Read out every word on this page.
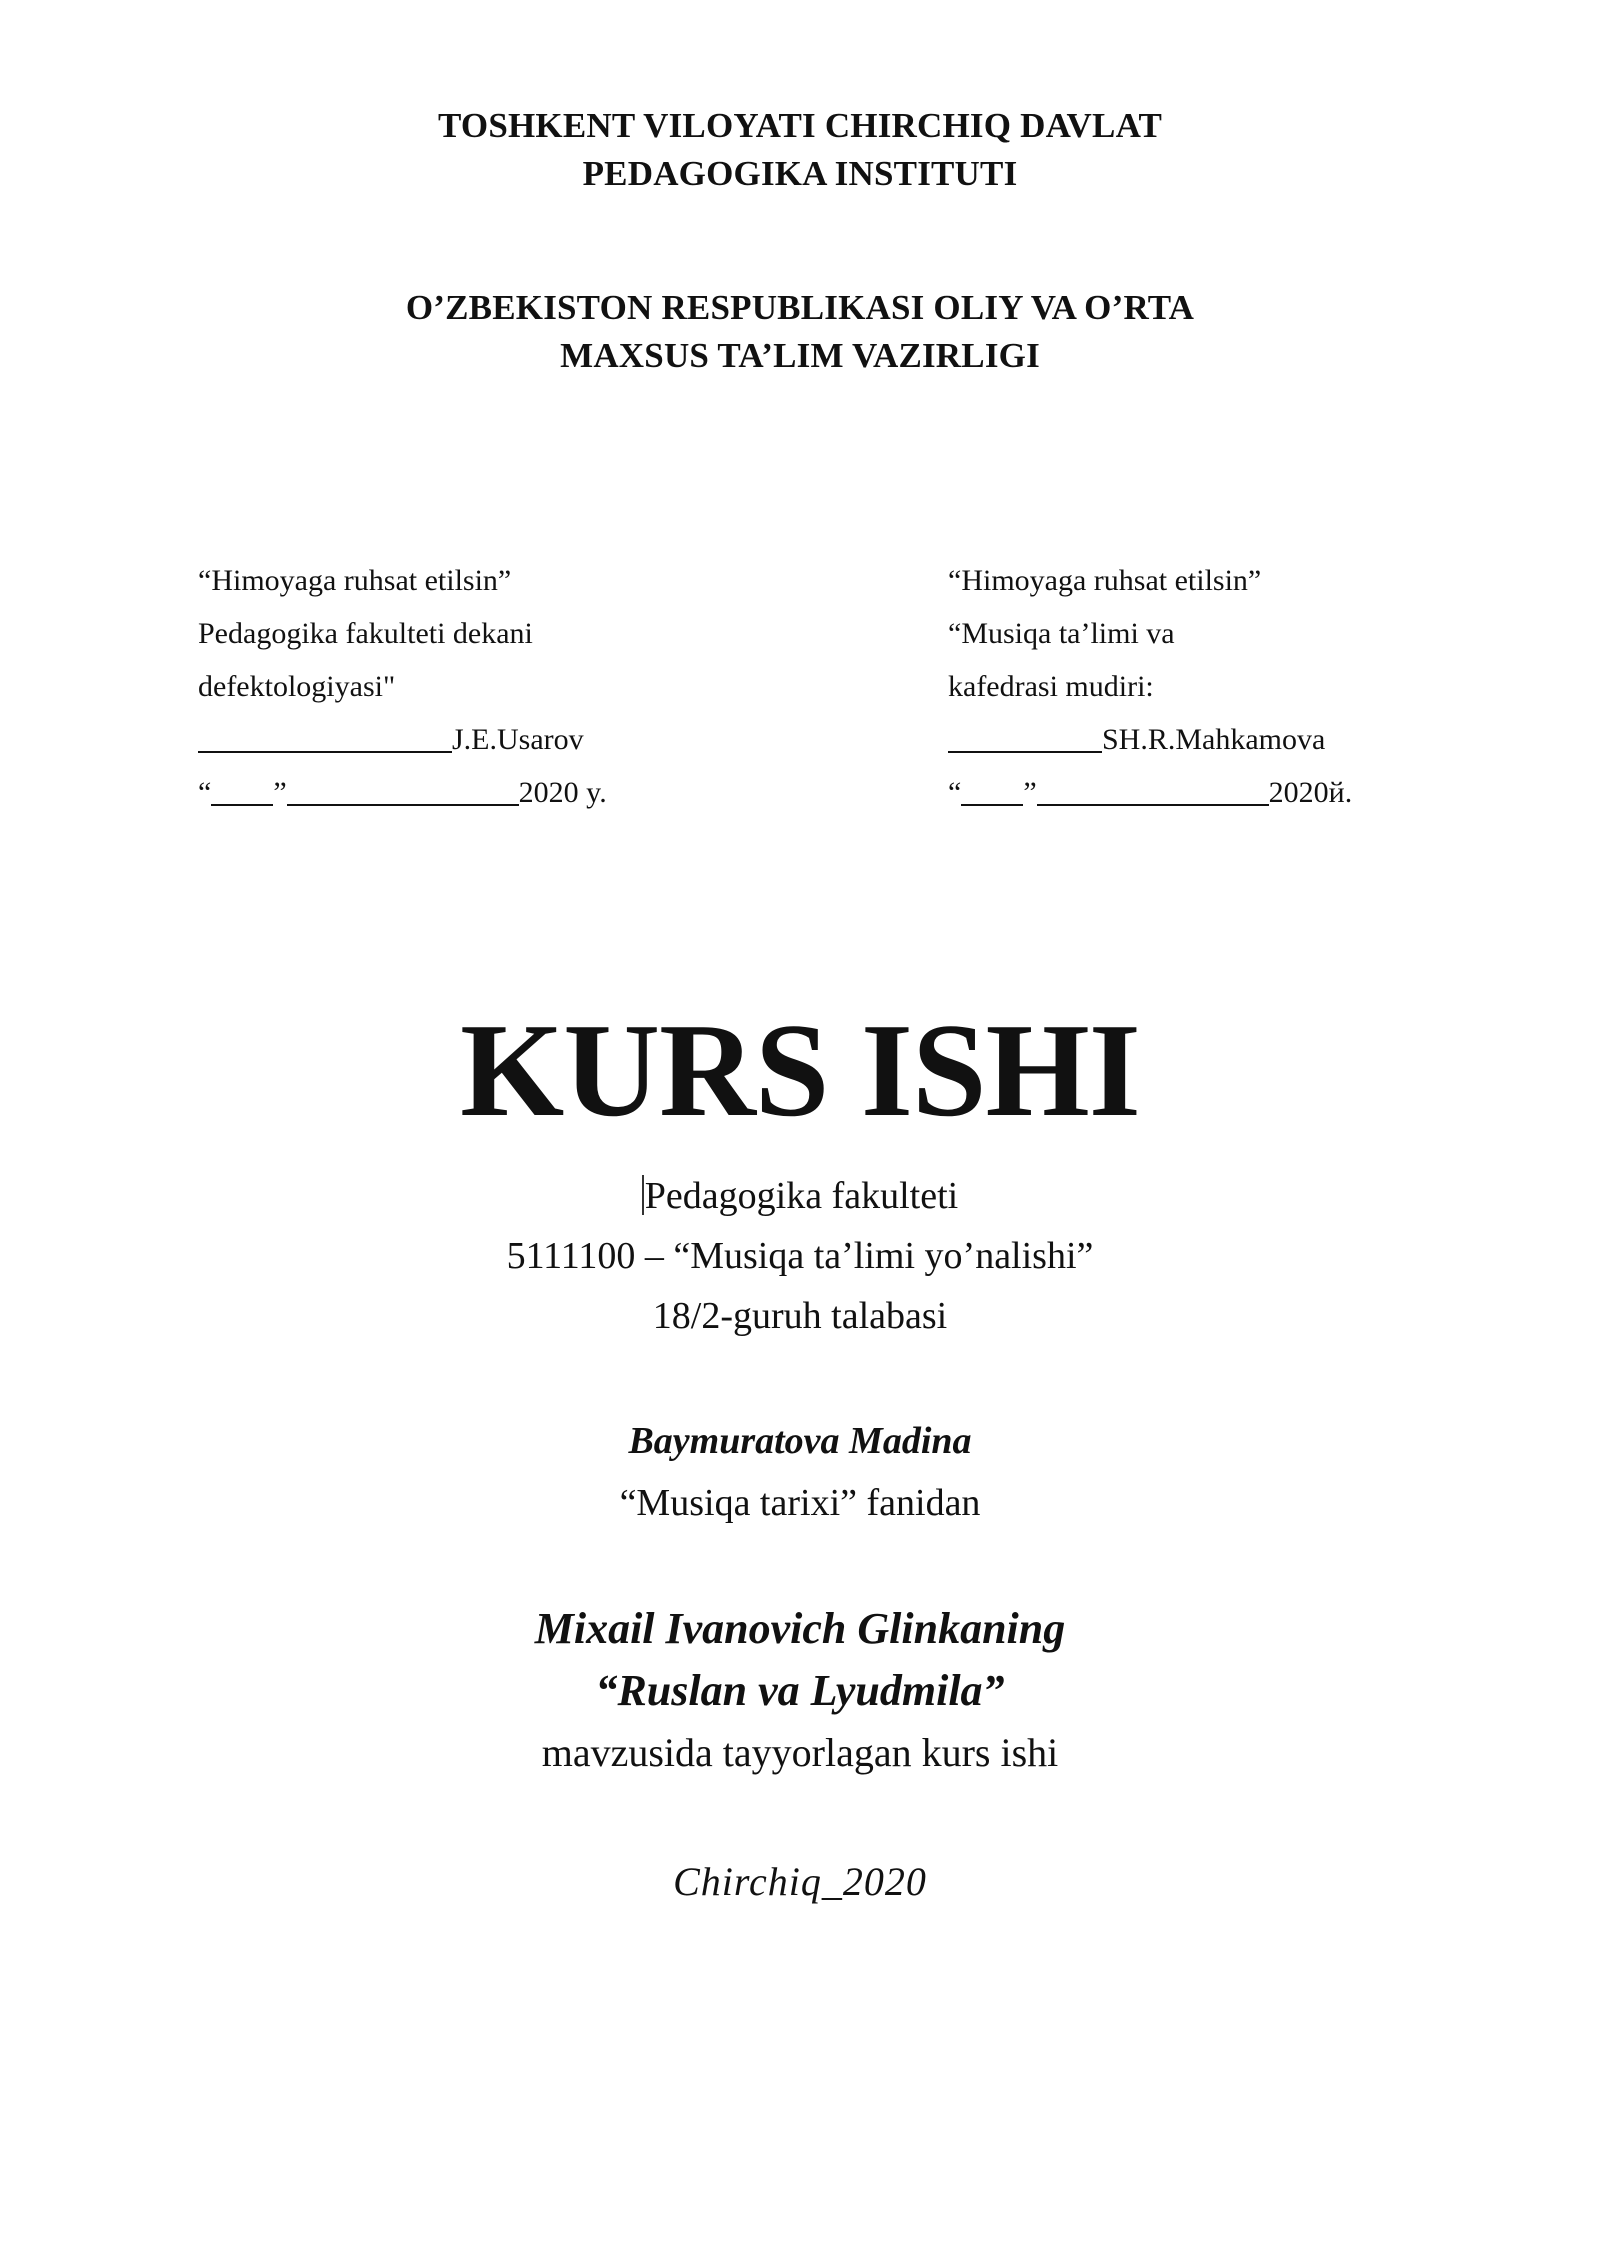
TOSHKENT VILOYATI CHIRCHIQ DAVLAT
PEDAGOGIKA INSTITUTI
O’ZBEKISTON RESPUBLIKASI OLIY VA O’RTA
MAXSUS TA’LIM VAZIRLIGI
“Himoyaga ruhsat etilsin”
Pedagogika fakulteti dekani
defektologiyasi"
J.E.Usarov
“ ”	2020 y.
“Himoyaga ruhsat etilsin”
“Musiqa ta’limi va
kafedrasi mudiri:
SH.R.Mahkamova
“ ”	2020й.
KURS ISHI
Pedagogika fakulteti
5111100 – “Musiqa ta’limi yo’nalishi”
18/2-guruh talabasi
Baymuratova Madina
“Musiqa tarixi” fanidan
Mixail Ivanovich Glinkaning
“Ruslan va Lyudmila”
mavzusida tayyorlagan kurs ishi
Chirchiq_2020
